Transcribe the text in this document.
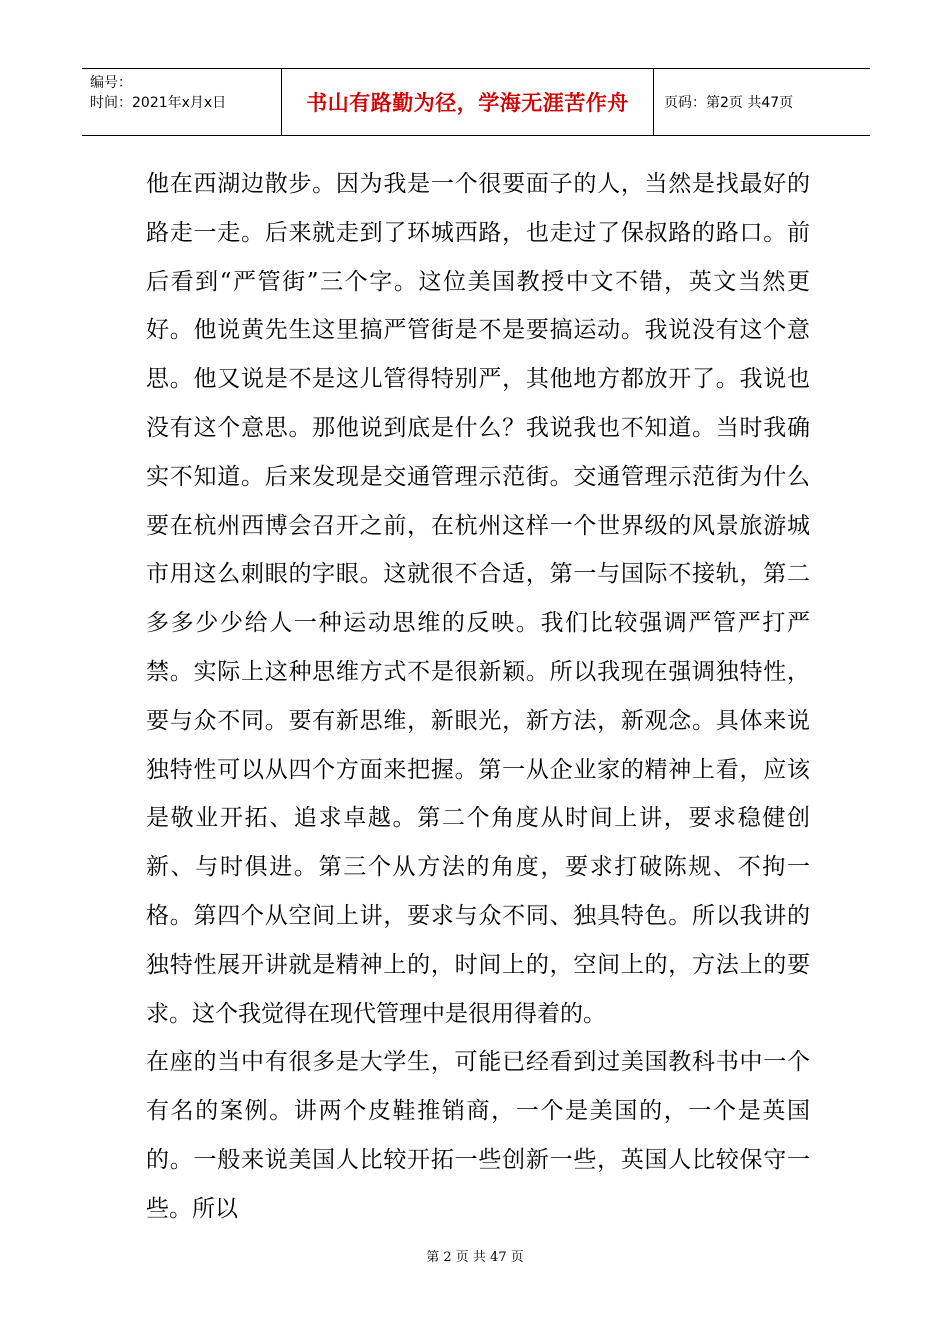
编号：
时间：2021年x月x日	书山有路勤为径，学海无涯苦作舟	页码：第2页 共47页

他在西湖边散步。因为我是一个很要面子的人，当然是找最好的路走一走。后来就走到了环城西路，也走过了保叔路的路口。前后看到“严管街”三个字。这位美国教授中文不错，英文当然更好。他说黄先生这里搞严管街是不是要搞运动。我说没有这个意思。他又说是不是这儿管得特别严，其他地方都放开了。我说也没有这个意思。那他说到底是什么？我说我也不知道。当时我确实不知道。后来发现是交通管理示范街。交通管理示范街为什么要在杭州西博会召开之前，在杭州这样一个世界级的风景旅游城市用这么刺眼的字眼。这就很不合适，第一与国际不接轨，第二多多少少给人一种运动思维的反映。我们比较强调严管严打严禁。实际上这种思维方式不是很新颖。所以我现在强调独特性，要与众不同。要有新思维，新眼光，新方法，新观念。具体来说独特性可以从四个方面来把握。第一从企业家的精神上看，应该是敬业开拓、追求卓越。第二个角度从时间上讲，要求稳健创新、与时俱进。第三个从方法的角度，要求打破陈规、不拘一格。第四个从空间上讲，要求与众不同、独具特色。所以我讲的独特性展开讲就是精神上的，时间上的，空间上的，方法上的要求。这个我觉得在现代管理中是很用得着的。

在座的当中有很多是大学生，可能已经看到过美国教科书中一个有名的案例。讲两个皮鞋推销商，一个是美国的，一个是英国的。一般来说美国人比较开拓一些创新一些，英国人比较保守一些。所以

第 2 页 共 47 页
